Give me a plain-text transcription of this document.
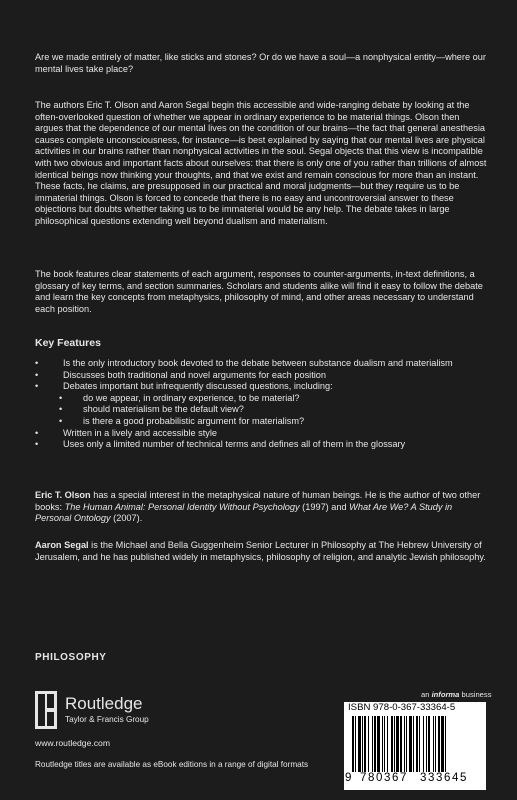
Are we made entirely of matter, like sticks and stones? Or do we have a soul—a nonphysical entity—where our mental lives take place?

The authors Eric T. Olson and Aaron Segal begin this accessible and wide-ranging debate by looking at the often-overlooked question of whether we appear in ordinary experience to be material things. Olson then argues that the dependence of our mental lives on the condition of our brains—the fact that general anesthesia causes complete unconsciousness, for instance—is best explained by saying that our mental lives are physical activities in our brains rather than nonphysical activities in the soul. Segal objects that this view is incompatible with two obvious and important facts about ourselves: that there is only one of you rather than trillions of almost identical beings now thinking your thoughts, and that we exist and remain conscious for more than an instant. These facts, he claims, are presupposed in our practical and moral judgments—but they require us to be immaterial things. Olson is forced to concede that there is no easy and uncontroversial answer to these objections but doubts whether taking us to be immaterial would be any help. The debate takes in large philosophical questions extending well beyond dualism and materialism.

The book features clear statements of each argument, responses to counter-arguments, in-text definitions, a glossary of key terms, and section summaries. Scholars and students alike will find it easy to follow the debate and learn the key concepts from metaphysics, philosophy of mind, and other areas necessary to understand each position.

Key Features
• Is the only introductory book devoted to the debate between substance dualism and materialism
• Discusses both traditional and novel arguments for each position
• Debates important but infrequently discussed questions, including:
• do we appear, in ordinary experience, to be material?
• should materialism be the default view?
• is there a good probabilistic argument for materialism?
• Written in a lively and accessible style
• Uses only a limited number of technical terms and defines all of them in the glossary

Eric T. Olson has a special interest in the metaphysical nature of human beings. He is the author of two other books: The Human Animal: Personal Identity Without Psychology (1997) and What Are We? A Study in Personal Ontology (2007).

Aaron Segal is the Michael and Bella Guggenheim Senior Lecturer in Philosophy at The Hebrew University of Jerusalem, and he has published widely in metaphysics, philosophy of religion, and analytic Jewish philosophy.

PHILOSOPHY
Routledge
Taylor & Francis Group
www.routledge.com
Routledge titles are available as eBook editions in a range of digital formats
an informa business
ISBN 978-0-367-33364-5
9 780367 333645
